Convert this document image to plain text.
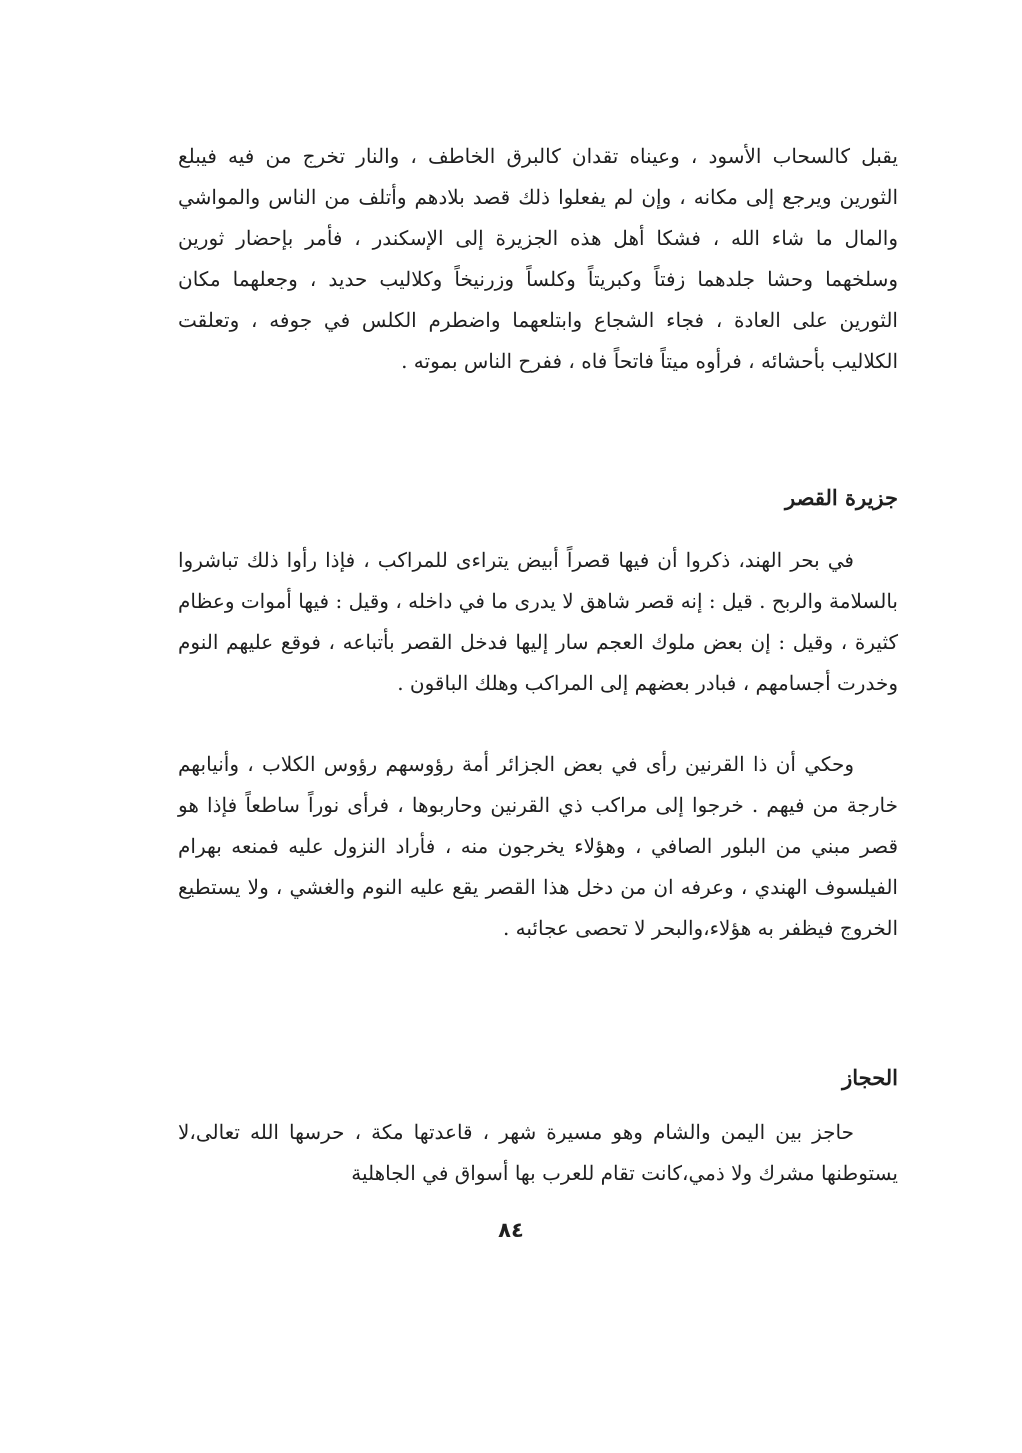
يقبل كالسحاب الأسود ، وعيناه تقدان كالبرق الخاطف ، والنار تخرج من فيه فيبلع الثورين ويرجع إلى مكانه ، وإن لم يفعلوا ذلك قصد بلادهم وأتلف من الناس والمواشي والمال ما شاء الله ، فشكا أهل هذه الجزيرة إلى الإسكندر ، فأمر بإحضار ثورين وسلخهما وحشا جلدهما زفتاً وكبريتاً وكلساً وزرنيخاً وكلاليب حديد ، وجعلهما مكان الثورين على العادة ، فجاء الشجاع وابتلعهما واضطرم الكلس في جوفه ، وتعلقت الكلاليب بأحشائه ، فرأوه ميتاً فاتحاً فاه ، ففرح الناس بموته .

جزيرة القصر

في بحر الهند، ذكروا أن فيها قصراً أبيض يتراءى للمراكب ، فإذا رأوا ذلك تباشروا بالسلامة والربح . قيل : إنه قصر شاهق لا يدرى ما في داخله ، وقيل : فيها أموات وعظام كثيرة ، وقيل : إن بعض ملوك العجم سار إليها فدخل القصر بأتباعه ، فوقع عليهم النوم وخدرت أجسامهم ، فبادر بعضهم إلى المراكب وهلك الباقون .

وحكي أن ذا القرنين رأى في بعض الجزائر أمة رؤوسهم رؤوس الكلاب ، وأنيابهم خارجة من فيهم . خرجوا إلى مراكب ذي القرنين وحاربوها ، فرأى نوراً ساطعاً فإذا هو قصر مبني من البلور الصافي ، وهؤلاء يخرجون منه ، فأراد النزول عليه فمنعه بهرام الفيلسوف الهندي ، وعرفه ان من دخل هذا القصر يقع عليه النوم والغشي ، ولا يستطيع الخروج فيظفر به هؤلاء،والبحر لا تحصى عجائبه .

الحجاز

حاجز بين اليمن والشام وهو مسيرة شهر ، قاعدتها مكة ، حرسها الله تعالى،لا يستوطنها مشرك ولا ذمي،كانت تقام للعرب بها أسواق في الجاهلية

٨٤
